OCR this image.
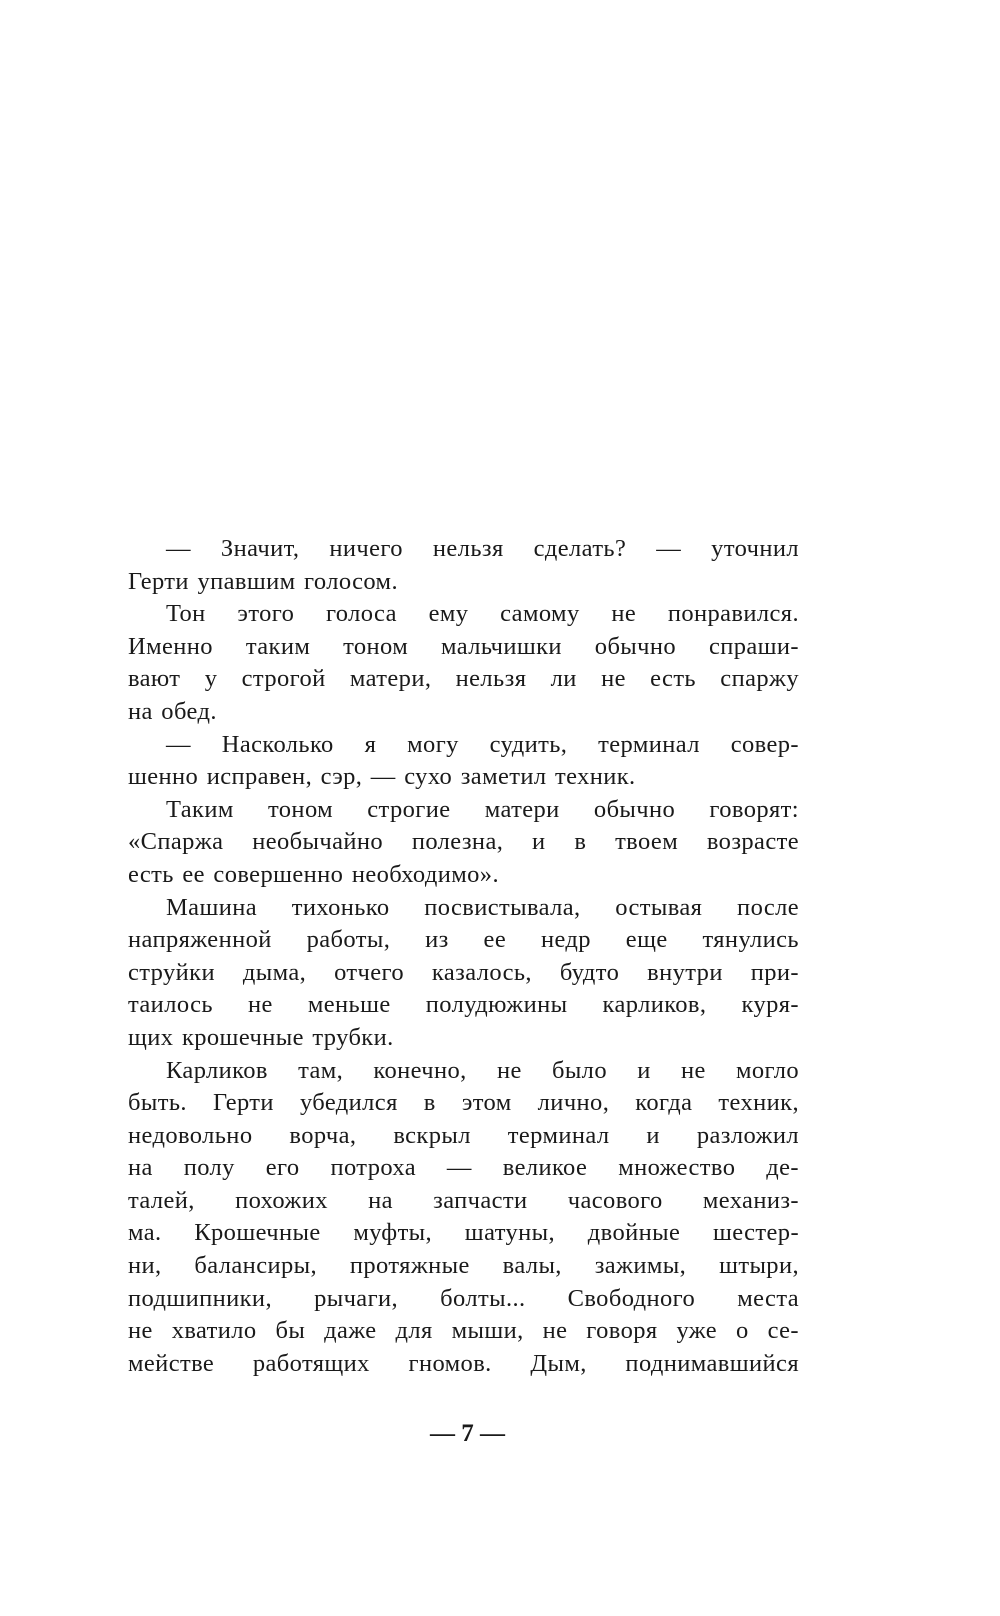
— Значит, ничего нельзя сделать? — уточнил
Герти упавшим голосом.
Тон этого голоса ему самому не понравился.
Именно таким тоном мальчишки обычно спраши-
вают у строгой матери, нельзя ли не есть спаржу
на обед.
— Насколько я могу судить, терминал совер-
шенно исправен, сэр, — сухо заметил техник.
Таким тоном строгие матери обычно говорят:
«Спаржа необычайно полезна, и в твоем возрасте
есть ее совершенно необходимо».
Машина тихонько посвистывала, остывая после
напряженной работы, из ее недр еще тянулись
струйки дыма, отчего казалось, будто внутри при-
таилось не меньше полудюжины карликов, куря-
щих крошечные трубки.
Карликов там, конечно, не было и не могло
быть. Герти убедился в этом лично, когда техник,
недовольно ворча, вскрыл терминал и разложил
на полу его потроха — великое множество де-
талей, похожих на запчасти часового механиз-
ма. Крошечные муфты, шатуны, двойные шестер-
ни, балансиры, протяжные валы, зажимы, штыри,
подшипники, рычаги, болты... Свободного места
не хватило бы даже для мыши, не говоря уже о се-
мействе работящих гномов. Дым, поднимавшийся
— 7 —
